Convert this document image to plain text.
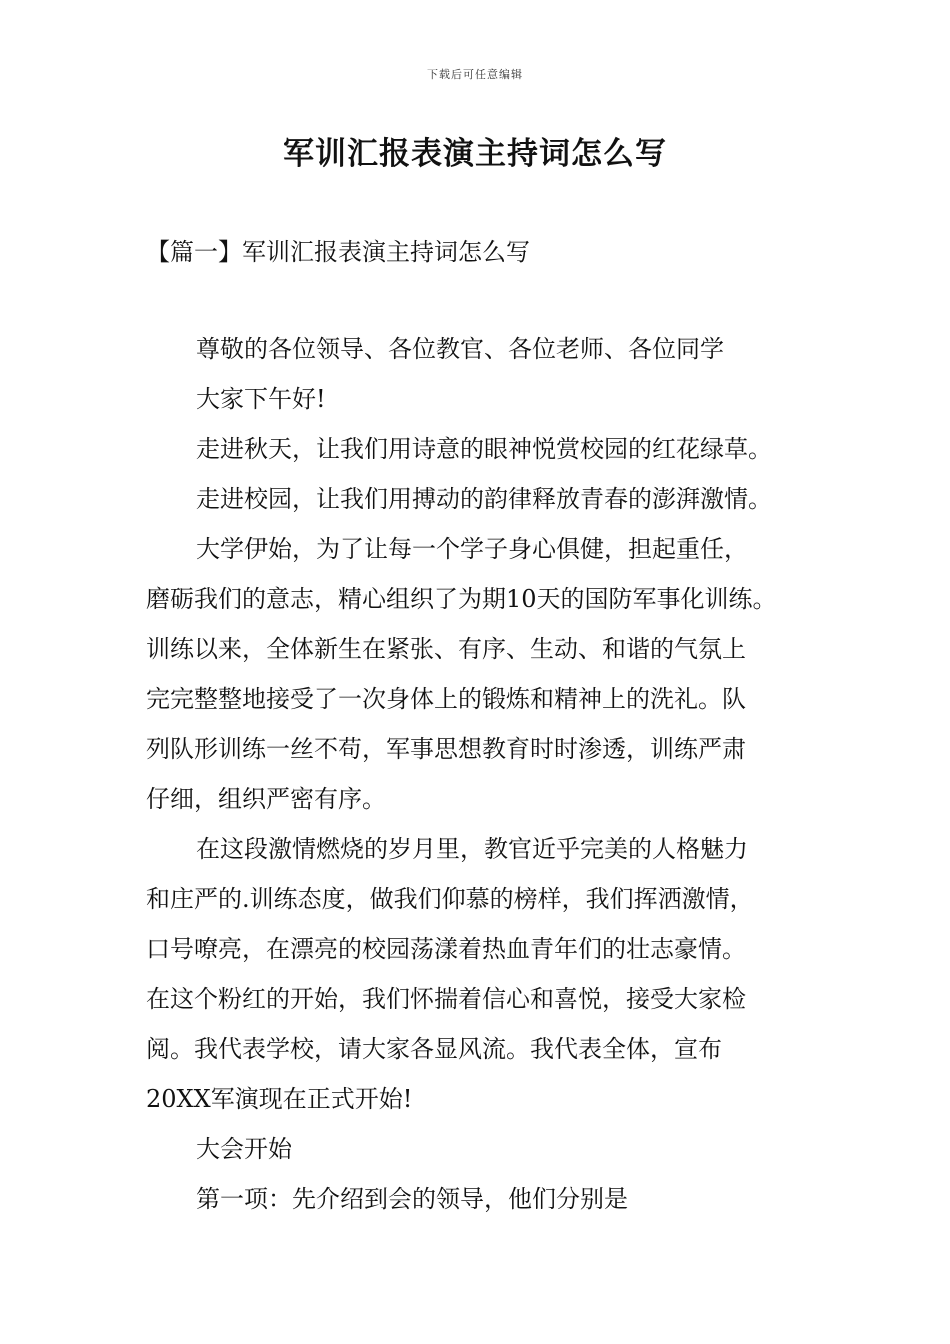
下载后可任意编辑
军训汇报表演主持词怎么写
【篇一】军训汇报表演主持词怎么写

尊敬的各位领导、各位教官、各位老师、各位同学

大家下午好!

走进秋天，让我们用诗意的眼神悦赏校园的红花绿草。

走进校园，让我们用搏动的韵律释放青春的澎湃激情。

大学伊始，为了让每一个学子身心俱健，担起重任，

磨砺我们的意志，精心组织了为期10天的国防军事化训练。

训练以来，全体新生在紧张、有序、生动、和谐的气氛上

完完整整地接受了一次身体上的锻炼和精神上的洗礼。队

列队形训练一丝不苟，军事思想教育时时渗透，训练严肃

仔细，组织严密有序。

在这段激情燃烧的岁月里，教官近乎完美的人格魅力

和庄严的.训练态度，做我们仰慕的榜样，我们挥洒激情，

口号嘹亮，在漂亮的校园荡漾着热血青年们的壮志豪情。

在这个粉红的开始，我们怀揣着信心和喜悦，接受大家检

阅。我代表学校，请大家各显风流。我代表全体，宣布

20XX军演现在正式开始!

大会开始

第一项：先介绍到会的领导，他们分别是
